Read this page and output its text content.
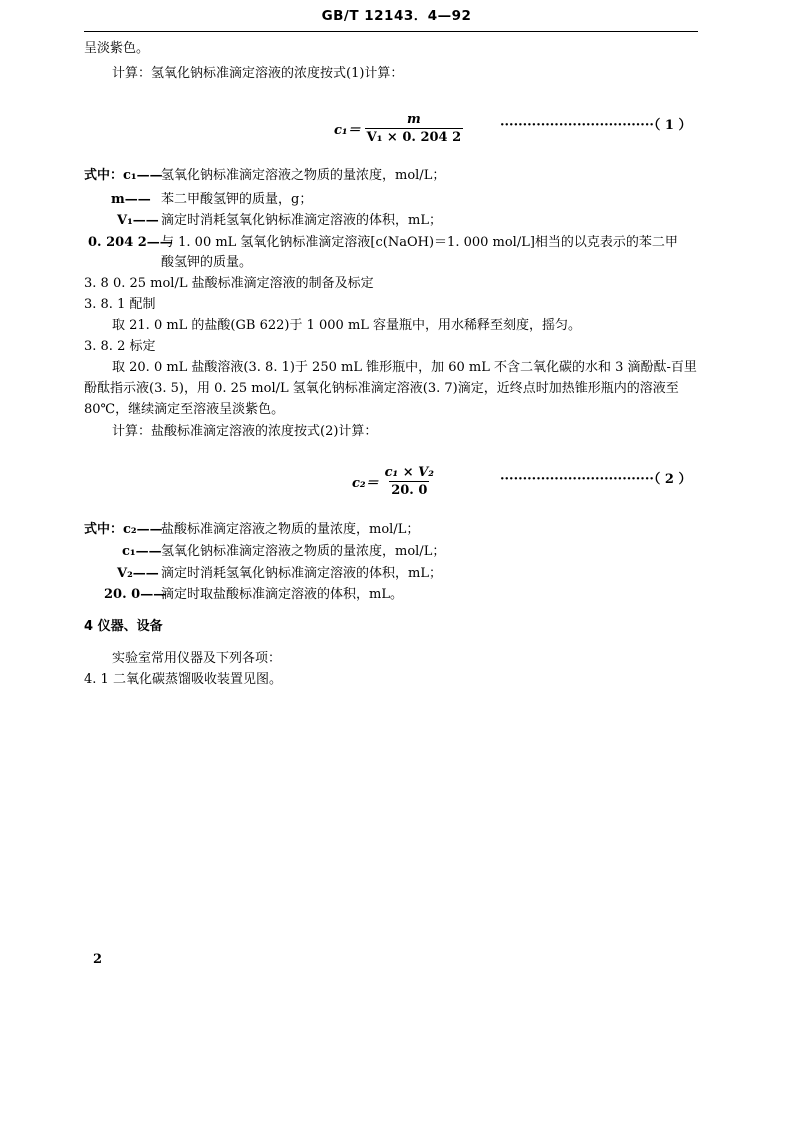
GB/T 12143．4—92
呈淡紫色。
计算：氢氧化钠标准滴定溶液的浓度按式(1)计算：
$c_1= \frac{m}{\text{V₁ × 0. 204 2}}$	··································（ 1 ）
式中：c₁——
氢氧化钠标准滴定溶液之物质的量浓度，mol/L；
m—— 苯二甲酸氢钾的质量，g；
V₁—— 滴定时消耗氢氧化钠标准滴定溶液的体积，mL；
0. 204 2——
与 1. 00 mL 氢氧化钠标准滴定溶液[c(NaOH)＝1. 000 mol/L]相当的以克表示的苯二甲
酸氢钾的质量。
3. 8 0. 25 mol/L 盐酸标准滴定溶液的制备及标定
3. 8. 1 配制
取 21. 0 mL 的盐酸(GB 622)于 1 000 mL 容量瓶中，用水稀释至刻度，摇匀。
3. 8. 2 标定
取 20. 0 mL 盐酸溶液(3. 8. 1)于 250 mL 锥形瓶中，加 60 mL 不含二氧化碳的水和 3 滴酚酞-百里
酚酞指示液(3. 5)，用 0. 25 mol/L 氢氧化钠标准滴定溶液(3. 7)滴定，近终点时加热锥形瓶内的溶液至
80℃，继续滴定至溶液呈淡紫色。
计算：盐酸标准滴定溶液的浓度按式(2)计算：
$c_2= \frac{\text{c₁ × V₂}}{20. 0}$	··································（ 2 ）
式中：c₂——
盐酸标准滴定溶液之物质的量浓度，mol/L；
c₁—— 氢氧化钠标准滴定溶液之物质的量浓度，mol/L；
V₂—— 滴定时消耗氢氧化钠标准滴定溶液的体积，mL；
20. 0——
滴定时取盐酸标准滴定溶液的体积，mL。
4 仪器、设备
实验室常用仪器及下列各项：
4. 1 二氧化碳蒸馏吸收装置见图。
2
